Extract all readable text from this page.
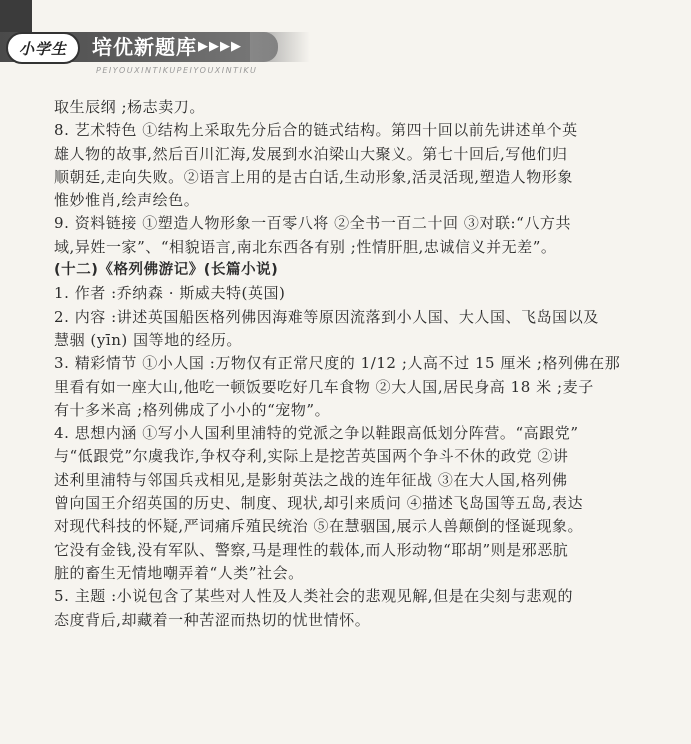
小学生	培优新题库 ▶▶▶▶
PEIYOUXINTIKUPEIYOUXINTIKU
取生辰纲 ;杨志卖刀。
8. 艺术特色 ①结构上采取先分后合的链式结构。第四十回以前先讲述单个英
雄人物的故事,然后百川汇海,发展到水泊梁山大聚义。第七十回后,写他们归
顺朝廷,走向失败。②语言上用的是古白话,生动形象,活灵活现,塑造人物形象
惟妙惟肖,绘声绘色。
9. 资料链接 ①塑造人物形象一百零八将 ②全书一百二十回 ③对联:“八方共
域,异姓一家”、“相貌语言,南北东西各有别 ;性情肝胆,忠诚信义并无差”。
(十二)《格列佛游记》(长篇小说)
1. 作者 :乔纳森 · 斯威夫特(英国)
2. 内容 :讲述英国船医格列佛因海难等原因流落到小人国、大人国、飞岛国以及
慧骃 (yīn) 国等地的经历。
3. 精彩情节 ①小人国 :万物仅有正常尺度的 1/12 ;人高不过 15 厘米 ;格列佛在那
里看有如一座大山,他吃一顿饭要吃好几车食物 ②大人国,居民身高 18 米 ;麦子
有十多米高 ;格列佛成了小小的“宠物”。
4. 思想内涵 ①写小人国利里浦特的党派之争以鞋跟高低划分阵营。“高跟党”
与“低跟党”尔虞我诈,争权夺利,实际上是挖苦英国两个争斗不休的政党 ②讲
述利里浦特与邻国兵戎相见,是影射英法之战的连年征战 ③在大人国,格列佛
曾向国王介绍英国的历史、制度、现状,却引来质问 ④描述飞岛国等五岛,表达
对现代科技的怀疑,严词痛斥殖民统治 ⑤在慧骃国,展示人兽颠倒的怪诞现象。
它没有金钱,没有军队、警察,马是理性的载体,而人形动物“耶胡”则是邪恶肮
脏的畜生无情地嘲弄着“人类”社会。
5. 主题 :小说包含了某些对人性及人类社会的悲观见解,但是在尖刻与悲观的
态度背后,却藏着一种苦涩而热切的忧世情怀。
